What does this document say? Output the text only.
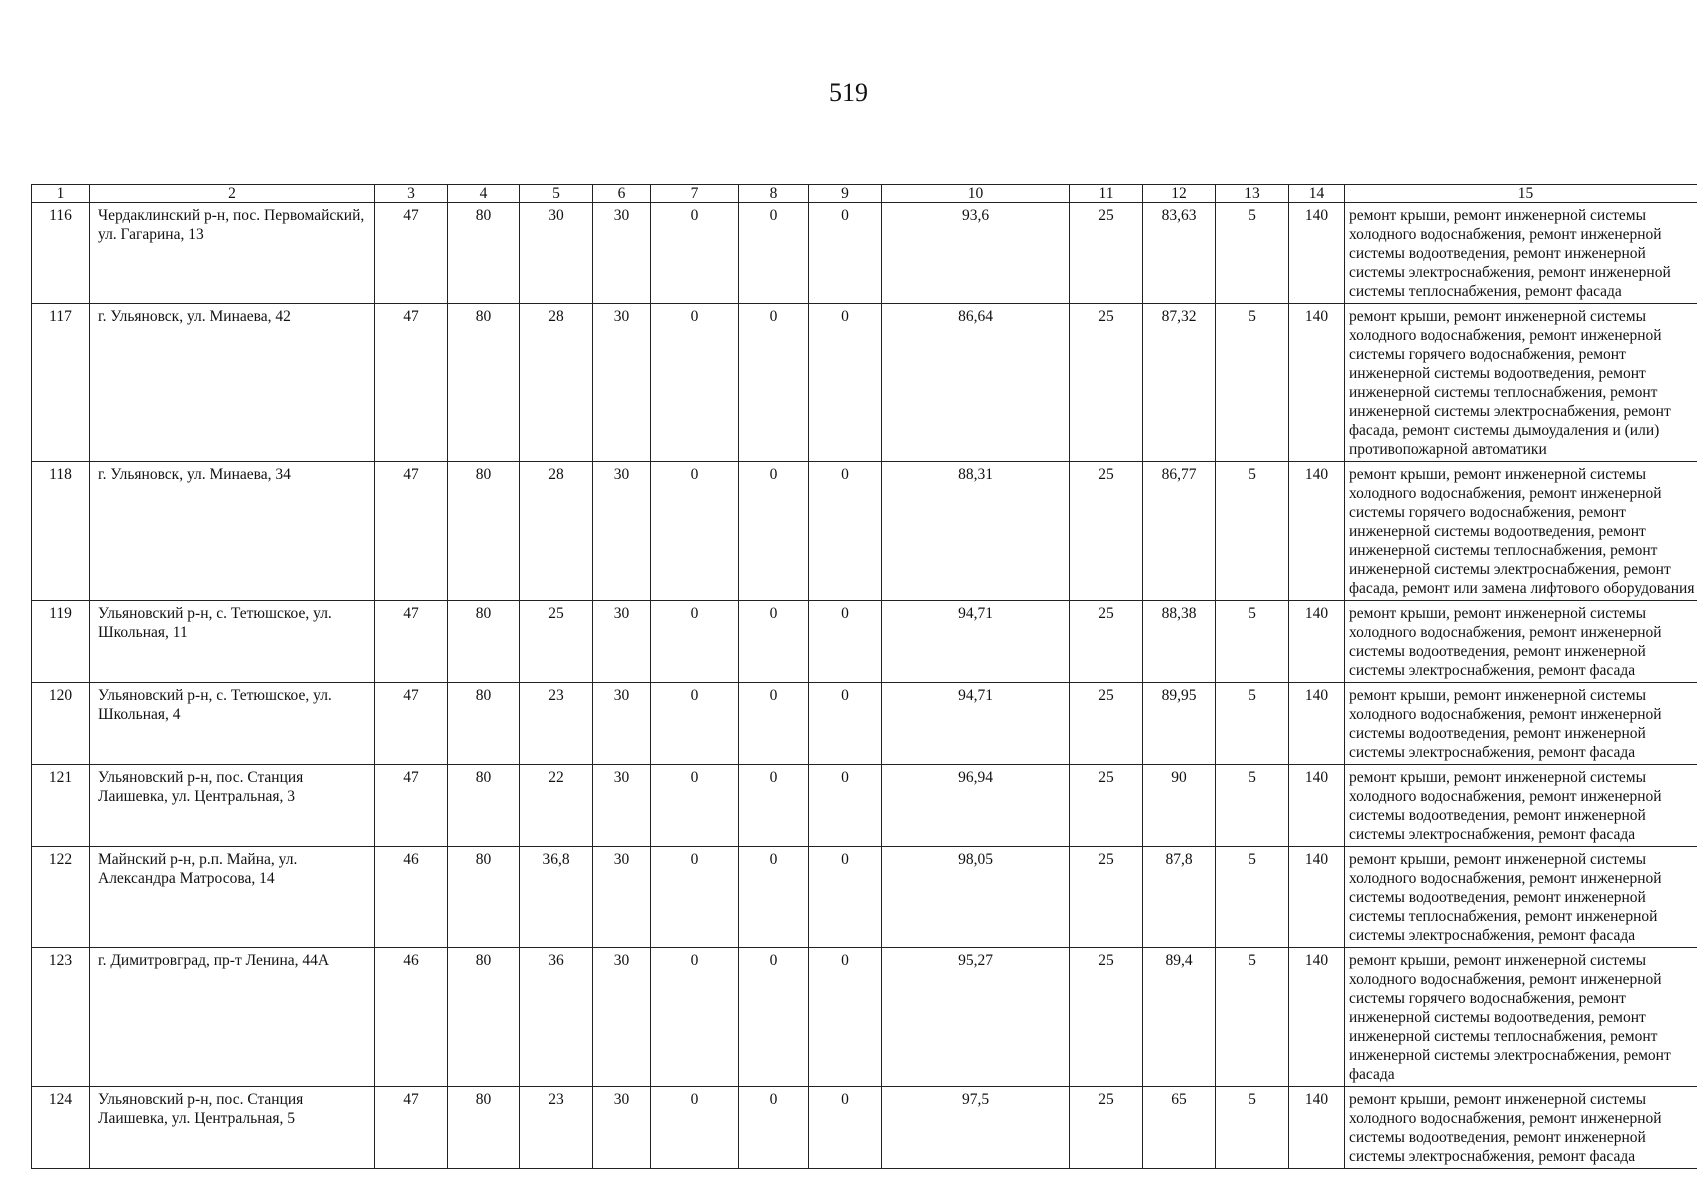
519
1	2	3	4	5	6	7	8	9	10	11	12	13	14	15
116	Чердаклинский р-н, пос. Первомайский, ул. Гагарина, 13	47	80	30	30	0	0	0	93,6	25	83,63	5	140	ремонт крыши, ремонт инженерной системы холодного водоснабжения, ремонт инженерной системы водоотведения, ремонт инженерной системы электроснабжения, ремонт инженерной системы теплоснабжения, ремонт фасада
117	г. Ульяновск, ул. Минаева, 42	47	80	28	30	0	0	0	86,64	25	87,32	5	140	ремонт крыши, ремонт инженерной системы холодного водоснабжения, ремонт инженерной системы горячего водоснабжения, ремонт инженерной системы водоотведения, ремонт инженерной системы теплоснабжения, ремонт инженерной системы электроснабжения, ремонт фасада, ремонт системы дымоудаления и (или) противопожарной автоматики
118	г. Ульяновск, ул. Минаева, 34	47	80	28	30	0	0	0	88,31	25	86,77	5	140	ремонт крыши, ремонт инженерной системы холодного водоснабжения, ремонт инженерной системы горячего водоснабжения, ремонт инженерной системы водоотведения, ремонт инженерной системы теплоснабжения, ремонт инженерной системы электроснабжения, ремонт фасада, ремонт или замена лифтового оборудования
119	Ульяновский р-н, с. Тетюшское, ул. Школьная, 11	47	80	25	30	0	0	0	94,71	25	88,38	5	140	ремонт крыши, ремонт инженерной системы холодного водоснабжения, ремонт инженерной системы водоотведения, ремонт инженерной системы электроснабжения, ремонт фасада
120	Ульяновский р-н, с. Тетюшское, ул. Школьная, 4	47	80	23	30	0	0	0	94,71	25	89,95	5	140	ремонт крыши, ремонт инженерной системы холодного водоснабжения, ремонт инженерной системы водоотведения, ремонт инженерной системы электроснабжения, ремонт фасада
121	Ульяновский р-н, пос. Станция Лаишевка, ул. Центральная, 3	47	80	22	30	0	0	0	96,94	25	90	5	140	ремонт крыши, ремонт инженерной системы холодного водоснабжения, ремонт инженерной системы водоотведения, ремонт инженерной системы электроснабжения, ремонт фасада
122	Майнский р-н, р.п. Майна, ул. Александра Матросова, 14	46	80	36,8	30	0	0	0	98,05	25	87,8	5	140	ремонт крыши, ремонт инженерной системы холодного водоснабжения, ремонт инженерной системы водоотведения, ремонт инженерной системы теплоснабжения, ремонт инженерной системы электроснабжения, ремонт фасада
123	г. Димитровград, пр-т Ленина, 44А	46	80	36	30	0	0	0	95,27	25	89,4	5	140	ремонт крыши, ремонт инженерной системы холодного водоснабжения, ремонт инженерной системы горячего водоснабжения, ремонт инженерной системы водоотведения, ремонт инженерной системы теплоснабжения, ремонт инженерной системы электроснабжения, ремонт фасада
124	Ульяновский р-н, пос. Станция Лаишевка, ул. Центральная, 5	47	80	23	30	0	0	0	97,5	25	65	5	140	ремонт крыши, ремонт инженерной системы холодного водоснабжения, ремонт инженерной системы водоотведения, ремонт инженерной системы электроснабжения, ремонт фасада
